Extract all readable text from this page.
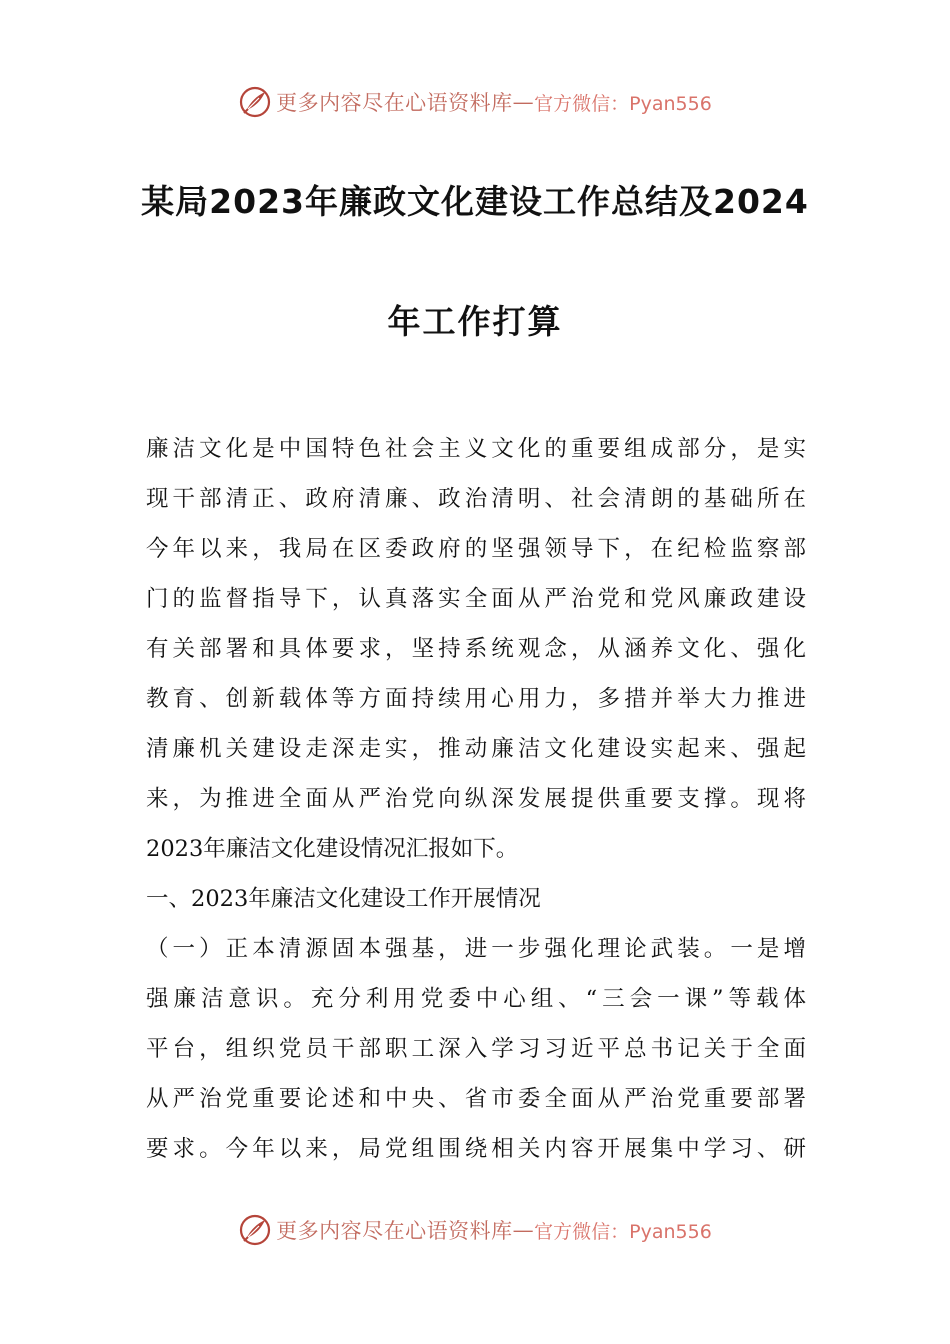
更多内容尽在心语资料库 — 官方微信：Pyan556
某局2023年廉政文化建设工作总结及2024
年工作打算
廉洁文化是中国特色社会主义文化的重要组成部分，是实
现干部清正、政府清廉、政治清明、社会清朗的基础所在
今年以来，我局在区委政府的坚强领导下，在纪检监察部
门的监督指导下，认真落实全面从严治党和党风廉政建设
有关部署和具体要求，坚持系统观念，从涵养文化、强化
教育、创新载体等方面持续用心用力，多措并举大力推进
清廉机关建设走深走实，推动廉洁文化建设实起来、强起
来，为推进全面从严治党向纵深发展提供重要支撑。现将
2023年廉洁文化建设情况汇报如下。
一、2023年廉洁文化建设工作开展情况
（一）正本清源固本强基，进一步强化理论武装。一是增
强廉洁意识。充分利用党委中心组、“三会一课”等载体
平台，组织党员干部职工深入学习习近平总书记关于全面
从严治党重要论述和中央、省市委全面从严治党重要部署
要求。今年以来，局党组围绕相关内容开展集中学习、研
更多内容尽在心语资料库 — 官方微信：Pyan556
